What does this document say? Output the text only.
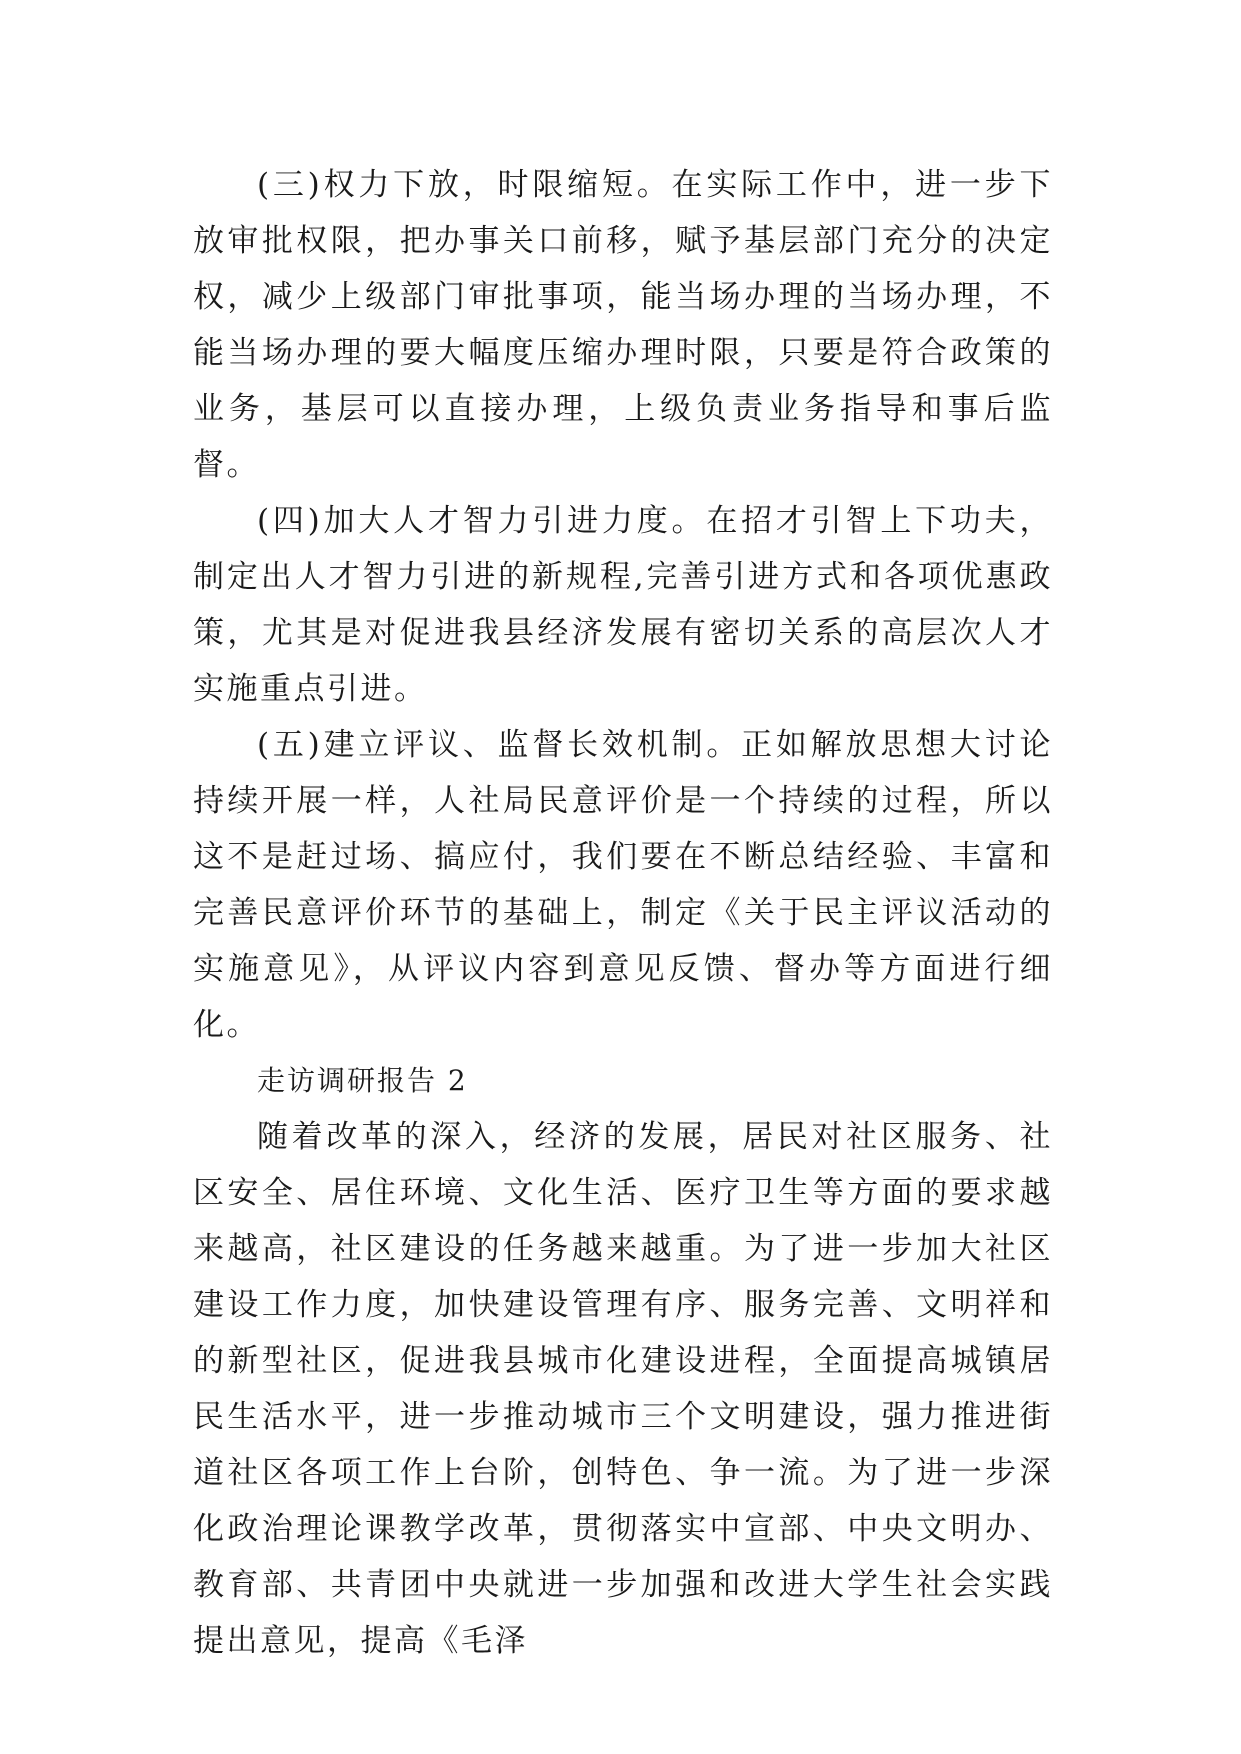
(三)权力下放，时限缩短。在实际工作中，进一步下放审批权限，把办事关口前移，赋予基层部门充分的决定权，减少上级部门审批事项，能当场办理的当场办理，不能当场办理的要大幅度压缩办理时限，只要是符合政策的业务，基层可以直接办理，上级负责业务指导和事后监督。

(四)加大人才智力引进力度。在招才引智上下功夫，制定出人才智力引进的新规程,完善引进方式和各项优惠政策，尤其是对促进我县经济发展有密切关系的高层次人才实施重点引进。

(五)建立评议、监督长效机制。正如解放思想大讨论持续开展一样，人社局民意评价是一个持续的过程，所以这不是赶过场、搞应付，我们要在不断总结经验、丰富和完善民意评价环节的基础上，制定《关于民主评议活动的实施意见》，从评议内容到意见反馈、督办等方面进行细化。

走访调研报告 2

随着改革的深入，经济的发展，居民对社区服务、社区安全、居住环境、文化生活、医疗卫生等方面的要求越来越高，社区建设的任务越来越重。为了进一步加大社区建设工作力度，加快建设管理有序、服务完善、文明祥和的新型社区，促进我县城市化建设进程，全面提高城镇居民生活水平，进一步推动城市三个文明建设，强力推进街道社区各项工作上台阶，创特色、争一流。为了进一步深化政治理论课教学改革，贯彻落实中宣部、中央文明办、教育部、共青团中央就进一步加强和改进大学生社会实践提出意见，提高《毛泽
